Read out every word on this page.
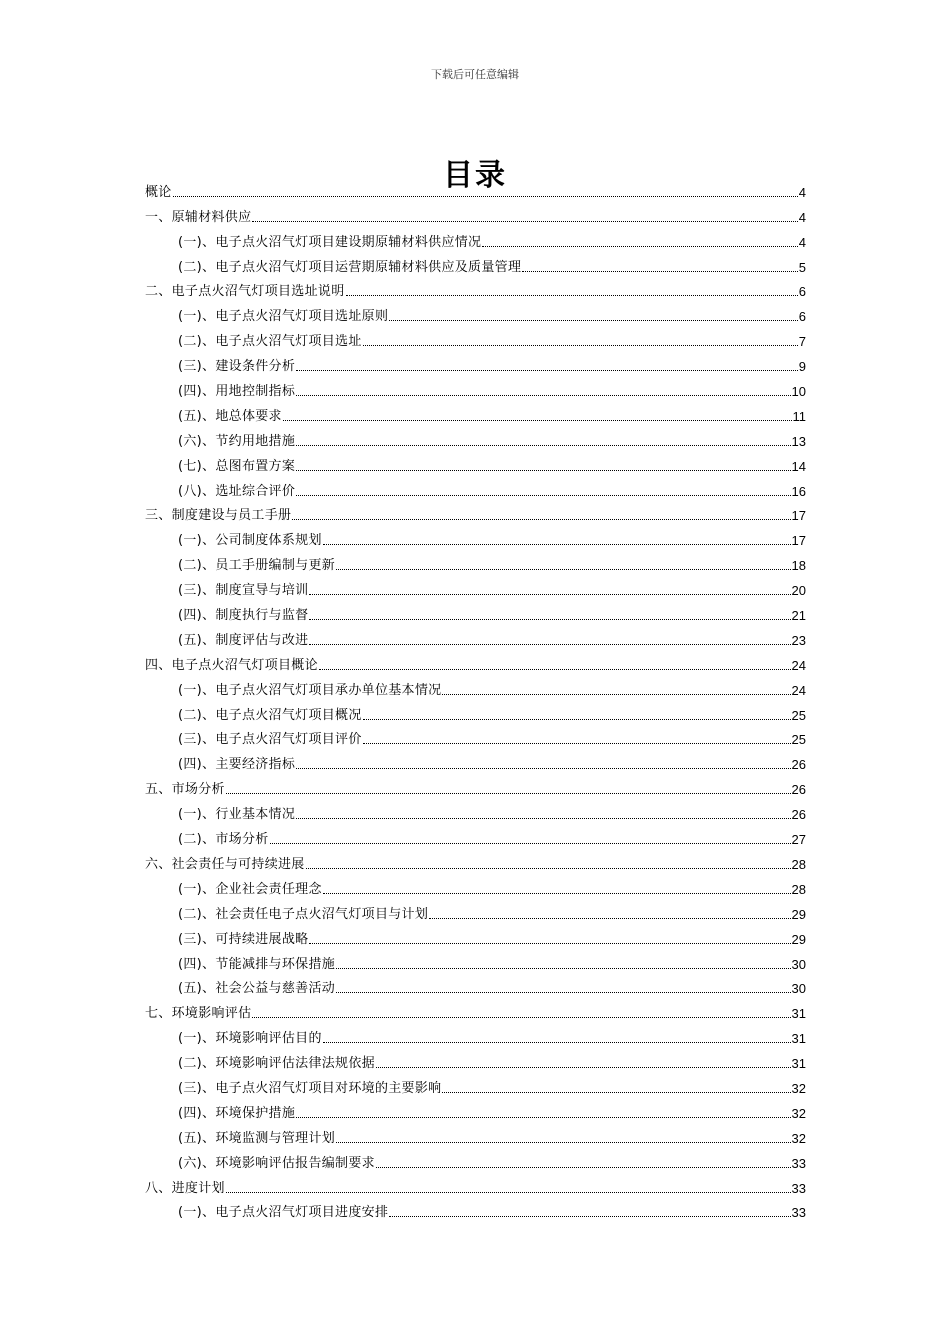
下载后可任意编辑
目录
概论	4
一、原辅材料供应	4
(一)、电子点火沼气灯项目建设期原辅材料供应情况	4
(二)、电子点火沼气灯项目运营期原辅材料供应及质量管理	5
二、电子点火沼气灯项目选址说明	6
(一)、电子点火沼气灯项目选址原则	6
(二)、电子点火沼气灯项目选址	7
(三)、建设条件分析	9
(四)、用地控制指标	10
(五)、地总体要求	11
(六)、节约用地措施	13
(七)、总图布置方案	14
(八)、选址综合评价	16
三、制度建设与员工手册	17
(一)、公司制度体系规划	17
(二)、员工手册编制与更新	18
(三)、制度宣导与培训	20
(四)、制度执行与监督	21
(五)、制度评估与改进	23
四、电子点火沼气灯项目概论	24
(一)、电子点火沼气灯项目承办单位基本情况	24
(二)、电子点火沼气灯项目概况	25
(三)、电子点火沼气灯项目评价	25
(四)、主要经济指标	26
五、市场分析	26
(一)、行业基本情况	26
(二)、市场分析	27
六、社会责任与可持续进展	28
(一)、企业社会责任理念	28
(二)、社会责任电子点火沼气灯项目与计划	29
(三)、可持续进展战略	29
(四)、节能减排与环保措施	30
(五)、社会公益与慈善活动	30
七、环境影响评估	31
(一)、环境影响评估目的	31
(二)、环境影响评估法律法规依据	31
(三)、电子点火沼气灯项目对环境的主要影响	32
(四)、环境保护措施	32
(五)、环境监测与管理计划	32
(六)、环境影响评估报告编制要求	33
八、进度计划	33
(一)、电子点火沼气灯项目进度安排	33
